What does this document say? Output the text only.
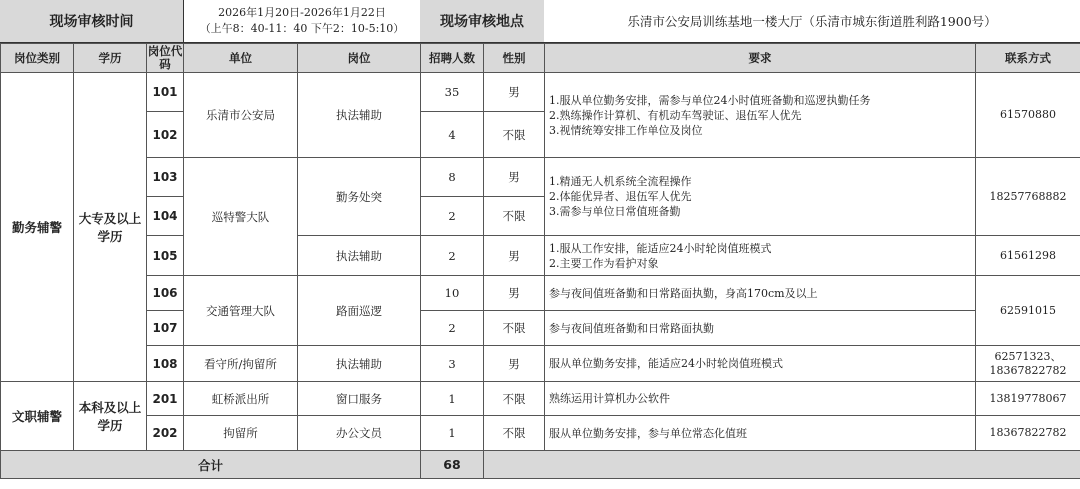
现场审核时间
2026年1月20日-2026年1月22日
（上午8：40-11：40 下午2：10-5:10）	现场审核地点	乐清市公安局训练基地一楼大厅（乐清市城东街道胜利路1900号）
岗位类别	学历	岗位代码	单位	岗位	招聘人数	性别	要求	联系方式
勤务辅警	大专及以上学历	101	乐清市公安局	执法辅助	35	男	1.服从单位勤务安排，需参与单位24小时值班备勤和巡逻执勤任务
2.熟练操作计算机、有机动车驾驶证、退伍军人优先
3.视情统筹安排工作单位及岗位	61570880
		102			4	不限		
		103	巡特警大队	勤务处突	8	男	1.精通无人机系统全流程操作
2.体能优异者、退伍军人优先
3.需参与单位日常值班备勤	18257768882
		104			2	不限		
		105		执法辅助	2	男	1.服从工作安排，能适应24小时轮岗值班模式
2.主要工作为看护对象	61561298
		106	交通管理大队	路面巡逻	10	男	参与夜间值班备勤和日常路面执勤，身高170cm及以上	62591015
		107			2	不限	参与夜间值班备勤和日常路面执勤	
		108	看守所/拘留所	执法辅助	3	男	服从单位勤务安排，能适应24小时轮岗值班模式	62571323、
18367822782

文职辅警	本科及以上学历	201	虹桥派出所	窗口服务	1	不限	熟练运用计算机办公软件	13819778067
		202	拘留所	办公文员	1	不限	服从单位勤务安排，参与单位常态化值班	18367822782
合计					68			
